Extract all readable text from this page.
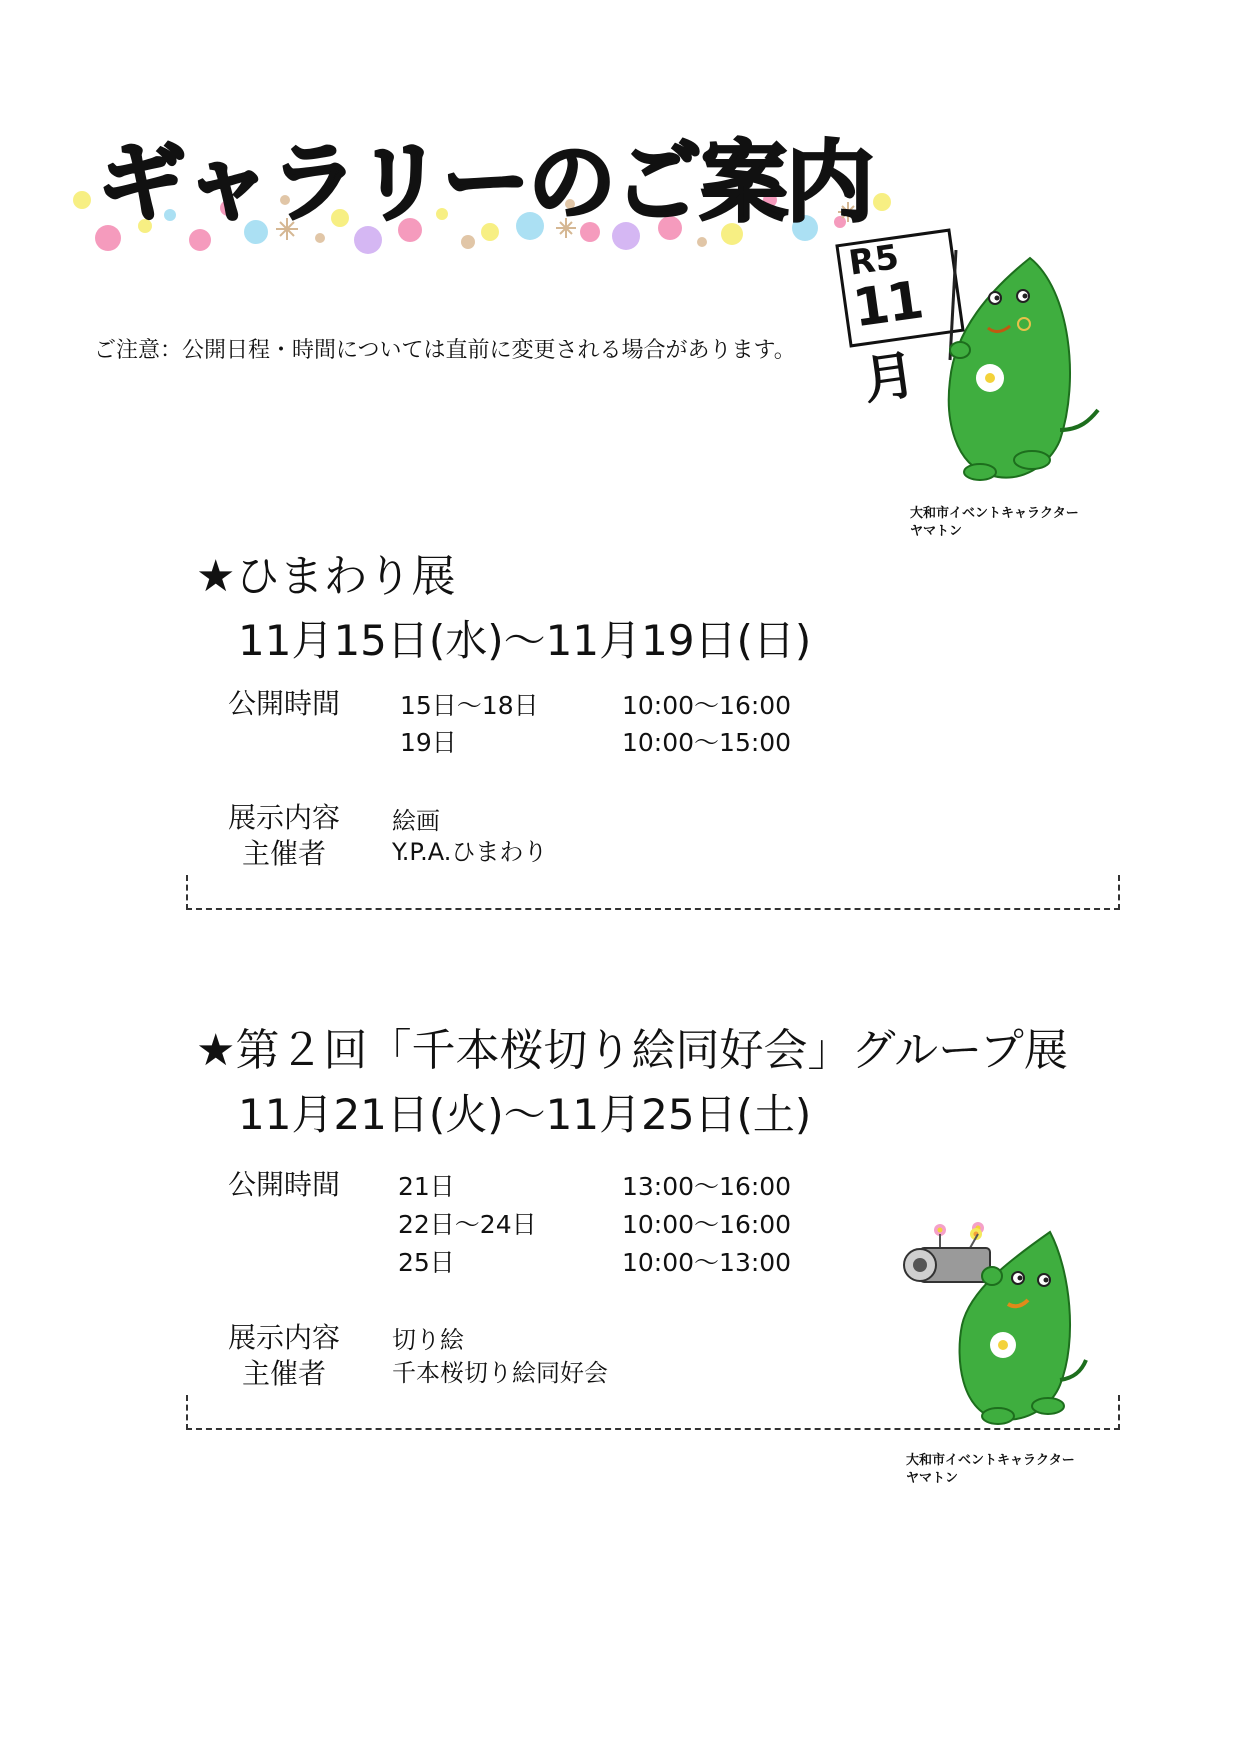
ギャラリーのご案内
R5
11月
ご注意：公開日程・時間については直前に変更される場合があります。
大和市イベントキャラクター
ヤマトン
★ひまわり展
11月15日(水)～11月19日(日)
公開時間 15日～18日	10:00～16:00
19日	10:00～15:00
展示内容 絵画
主催者	Y.P.A.ひまわり
★第２回「千本桜切り絵同好会」グループ展
11月21日(火)～11月25日(土)
公開時間 21日	13:00～16:00
22日～24日	10:00～16:00
25日	10:00～13:00
展示内容 切り絵
主催者	千本桜切り絵同好会
大和市イベントキャラクター
ヤマトン
